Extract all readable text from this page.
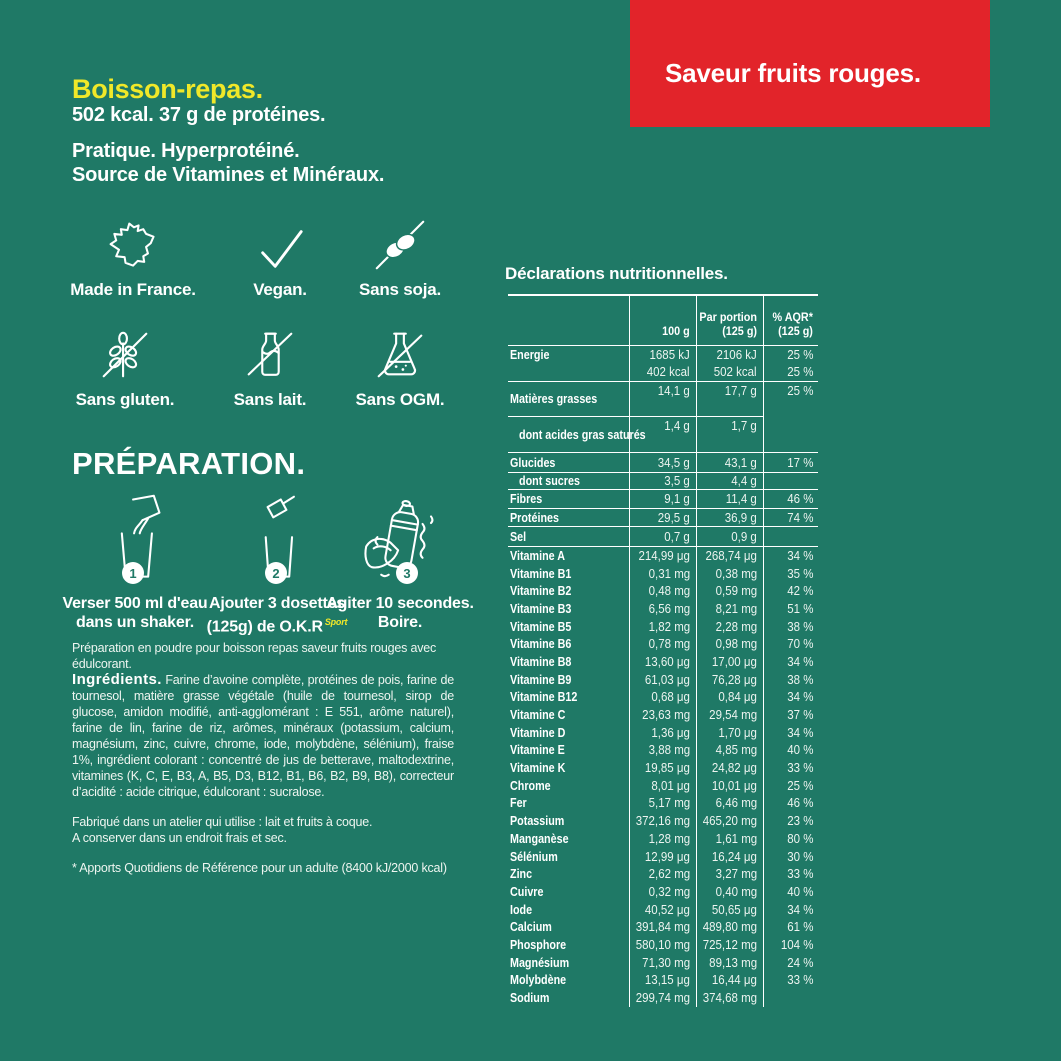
Saveur fruits rouges.
Boisson-repas.
502 kcal. 37 g de protéines.
Pratique. Hyperprotéiné.
Source de Vitamines et Minéraux.
Made in France.	Vegan.	Sans soja.
Sans gluten.	Sans lait.	Sans OGM.
PRÉPARATION.
1
Verser 500 ml d'eau
dans un shaker.
2
Ajouter 3 dosettes
(125g) de O.K.R $^{Sport}$
3
Agiter 10 secondes.
Boire.

Préparation en poudre pour boisson repas saveur fruits rouges avec édulcorant.

Ingrédients. Farine d’avoine complète, protéines de pois, farine de tournesol, matière grasse végétale (huile de tournesol, sirop de glucose, amidon modifié, anti-agglomérant : E 551, arôme naturel), farine de lin, farine de riz, arômes, minéraux (potassium, calcium, magnésium, zinc, cuivre, chrome, iode, molybdène, sélénium), fraise 1%, ingrédient colorant : concentré de jus de betterave, maltodextrine, vitamines (K, C, E, B3, A, B5, D3, B12, B1, B6, B2, B9, B8), correcteur d’acidité : acide citrique, édulcorant : sucralose.

Fabriqué dans un atelier qui utilise : lait et fruits à coque.
A conserver dans un endroit frais et sec.

* Apports Quotidiens de Référence pour un adulte (8400 kJ/2000 kcal)

Déclarations nutritionnelles.
100 g
Par portion
(125 g)
% AQR*
(125 g)
Energie	1685 kJ 2106 kJ 25 %
402 kcal 502 kcal 25 %
Matières grasses
14,1 g	17,7 g 25 %
dont acides gras saturés
1,4 g	1,7 g
Glucides	34,5 g	43,1 g 17 %
dont sucres	3,5 g	4,4 g
Fibres	9,1 g	11,4 g 46 %
Protéines	29,5 g	36,9 g 74 %
Sel	0,7 g	0,9 g
Vitamine A	214,99 μg 268,74 μg 34 %
Vitamine B1	0,31 mg 0,38 mg 35 %
Vitamine B2	0,48 mg 0,59 mg 42 %
Vitamine B3	6,56 mg 8,21 mg 51 %
Vitamine B5	1,82 mg 2,28 mg 38 %
Vitamine B6	0,78 mg 0,98 mg 70 %
Vitamine B8	13,60 μg 17,00 μg 34 %
Vitamine B9	61,03 μg 76,28 μg 38 %
Vitamine B12	0,68 μg 0,84 μg 34 %
Vitamine C	23,63 mg 29,54 mg 37 %
Vitamine D	1,36 μg 1,70 μg 34 %
Vitamine E	3,88 mg 4,85 mg 40 %
Vitamine K	19,85 μg 24,82 μg 33 %
Chrome	8,01 μg 10,01 μg 25 %
Fer	5,17 mg 6,46 mg 46 %
Potassium	372,16 mg 465,20 mg 23 %
Manganèse	1,28 mg 1,61 mg 80 %
Sélénium	12,99 μg 16,24 μg 30 %
Zinc	2,62 mg 3,27 mg 33 %
Cuivre	0,32 mg 0,40 mg 40 %
Iode	40,52 μg 50,65 μg 34 %
Calcium	391,84 mg 489,80 mg 61 %
Phosphore	580,10 mg 725,12 mg 104 %
Magnésium	71,30 mg 89,13 mg 24 %
Molybdène	13,15 μg 16,44 μg 33 %
Sodium	299,74 mg 374,68 mg
